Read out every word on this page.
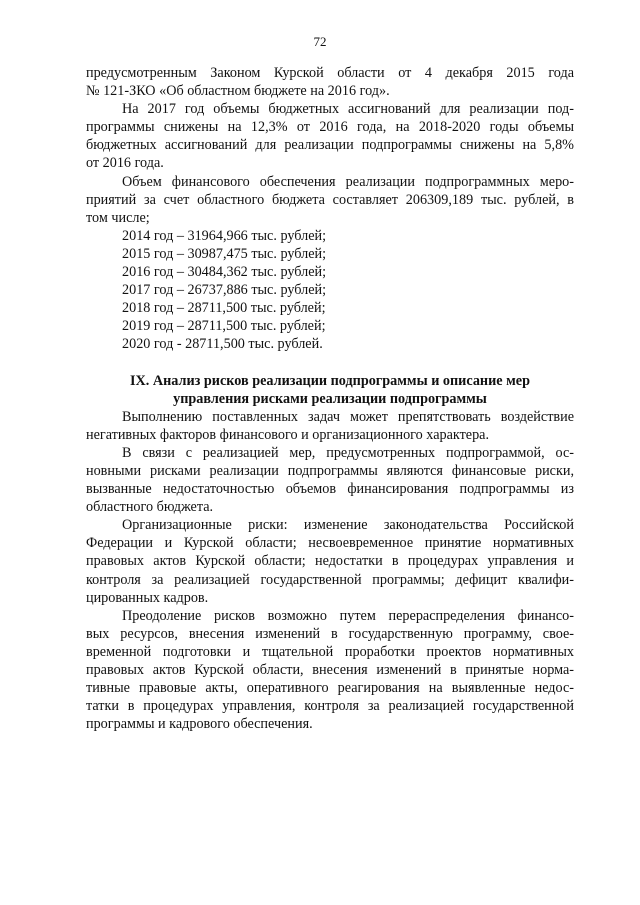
72
предусмотренным Законом Курской области от 4 декабря 2015 года
№ 121-ЗКО «Об областном бюджете на 2016 год».
На 2017 год объемы бюджетных ассигнований для реализации под-
программы снижены на 12,3% от 2016 года, на 2018-2020 годы объемы
бюджетных ассигнований для реализации подпрограммы снижены на 5,8%
от 2016 года.
Объем финансового обеспечения реализации подпрограммных меро-
приятий за счет областного бюджета составляет 206309,189 тыс. рублей, в
том числе;
2014 год – 31964,966 тыс. рублей;
2015 год – 30987,475 тыс. рублей;
2016 год – 30484,362 тыс. рублей;
2017 год – 26737,886 тыс. рублей;
2018 год – 28711,500 тыс. рублей;
2019 год – 28711,500 тыс. рублей;
2020 год - 28711,500 тыс. рублей.
IX. Анализ рисков реализации подпрограммы и описание мер
управления рисками реализации подпрограммы
Выполнению поставленных задач может препятствовать воздействие
негативных факторов финансового и организационного характера.
В связи с реализацией мер, предусмотренных подпрограммой, ос-
новными рисками реализации подпрограммы являются финансовые риски,
вызванные недостаточностью объемов финансирования подпрограммы из
областного бюджета.
Организационные риски: изменение законодательства Российской
Федерации и Курской области; несвоевременное принятие нормативных
правовых актов Курской области; недостатки в процедурах управления и
контроля за реализацией государственной программы; дефицит квалифи-
цированных кадров.
Преодоление рисков возможно путем перераспределения финансо-
вых ресурсов, внесения изменений в государственную программу, свое-
временной подготовки и тщательной проработки проектов нормативных
правовых актов Курской области, внесения изменений в принятые норма-
тивные правовые акты, оперативного реагирования на выявленные недос-
татки в процедурах управления, контроля за реализацией государственной
программы и кадрового обеспечения.
